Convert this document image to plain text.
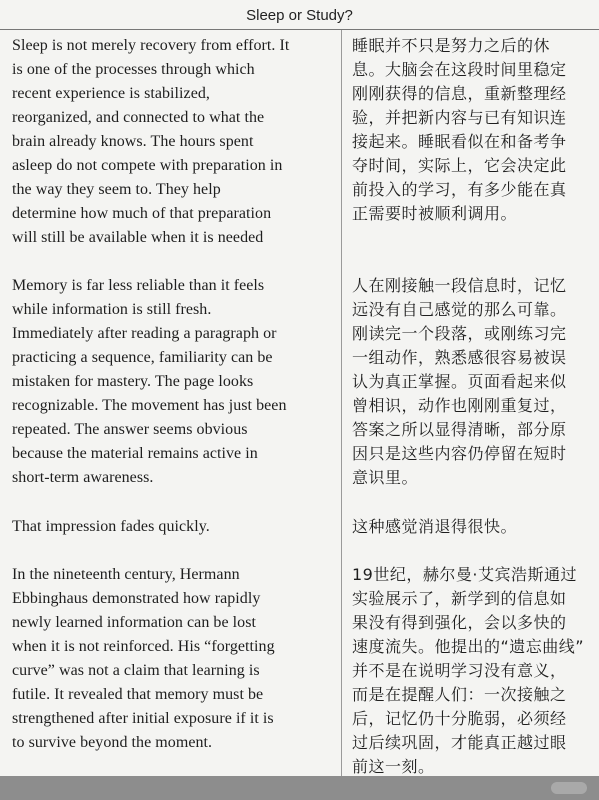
Sleep or Study?
Sleep is not merely recovery from effort. It
is one of the processes through which
recent experience is stabilized,
reorganized, and connected to what the
brain already knows. The hours spent
asleep do not compete with preparation in
the way they seem to. They help
determine how much of that preparation
will still be available when it is needed
睡眠并不只是努力之后的休
息。大脑会在这段时间里稳定
刚刚获得的信息，重新整理经
验，并把新内容与已有知识连
接起来。睡眠看似在和备考争
夺时间，实际上，它会决定此
前投入的学习，有多少能在真
正需要时被顺利调用。
Memory is far less reliable than it feels
while information is still fresh.
Immediately after reading a paragraph or
practicing a sequence, familiarity can be
mistaken for mastery. The page looks
recognizable. The movement has just been
repeated. The answer seems obvious
because the material remains active in
short-term awareness.
人在刚接触一段信息时，记忆
远没有自己感觉的那么可靠。
刚读完一个段落，或刚练习完
一组动作，熟悉感很容易被误
认为真正掌握。页面看起来似
曾相识，动作也刚刚重复过，
答案之所以显得清晰，部分原
因只是这些内容仍停留在短时
意识里。
That impression fades quickly.	这种感觉消退得很快。
In the nineteenth century, Hermann
Ebbinghaus demonstrated how rapidly
newly learned information can be lost
when it is not reinforced. His “forgetting
curve” was not a claim that learning is
futile. It revealed that memory must be
strengthened after initial exposure if it is
to survive beyond the moment.
19世纪，赫尔曼·艾宾浩斯通过
实验展示了，新学到的信息如
果没有得到强化，会以多快的
速度流失。他提出的“遗忘曲线”
并不是在说明学习没有意义，
而是在提醒人们：一次接触之
后，记忆仍十分脆弱，必须经
过后续巩固，才能真正越过眼
前这一刻。
